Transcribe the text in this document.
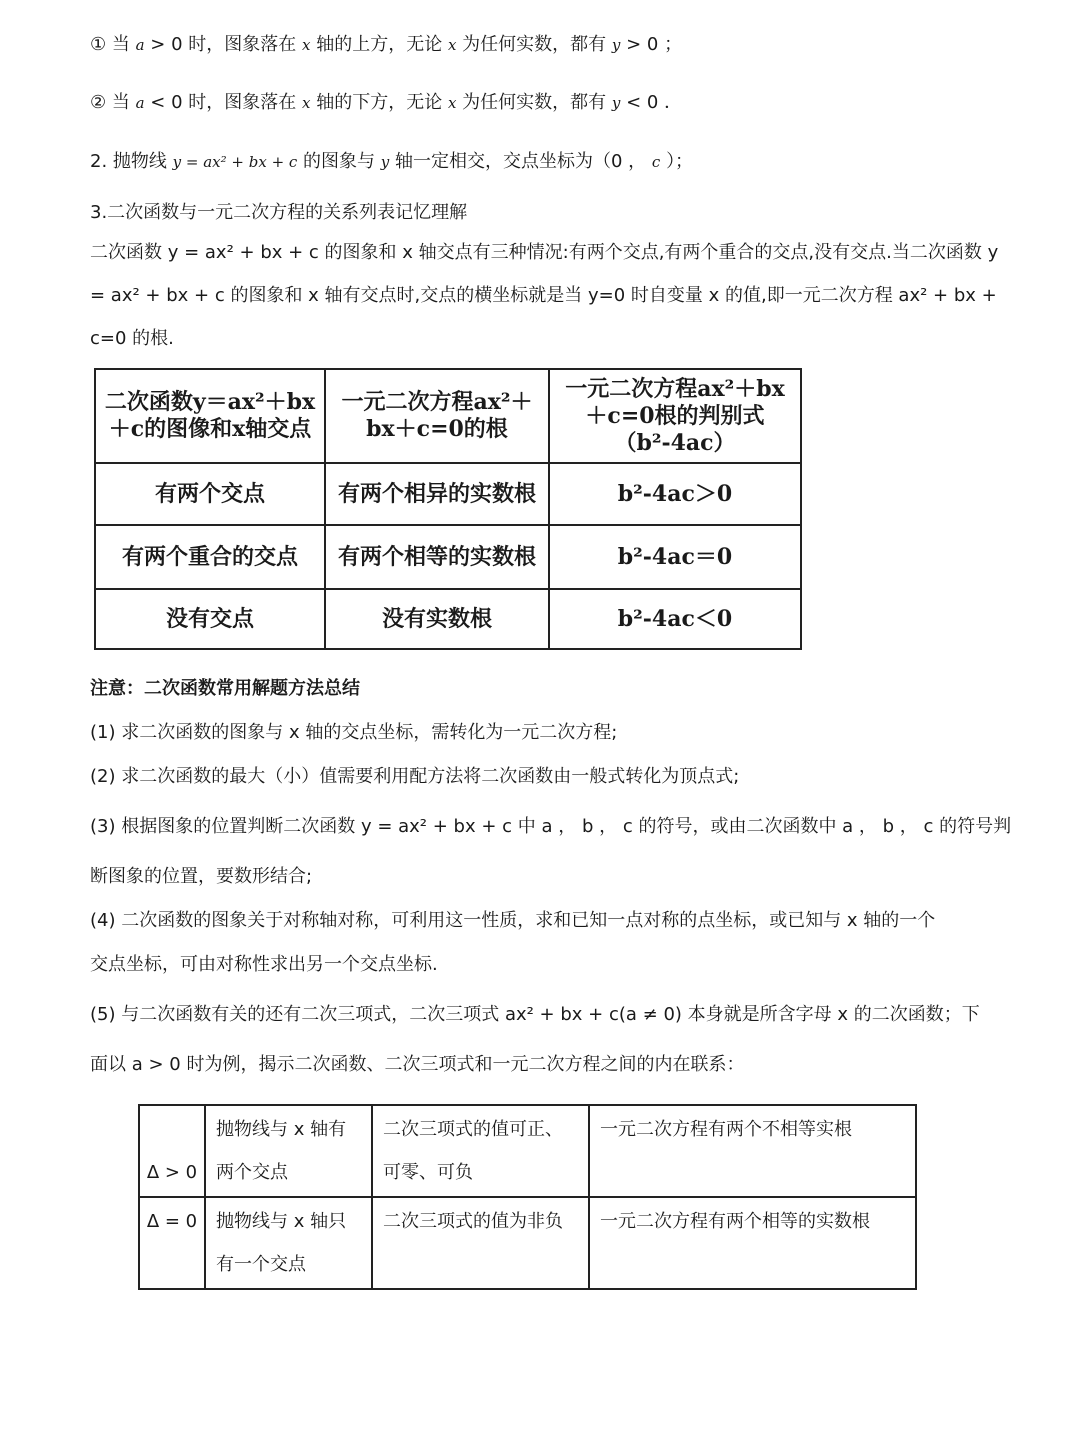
① 当 a > 0 时，图象落在 x 轴的上方，无论 x 为任何实数，都有 y > 0 ；
② 当 a < 0 时，图象落在 x 轴的下方，无论 x 为任何实数，都有 y < 0 ．
2. 抛物线 y = ax² + bx + c 的图象与 y 轴一定相交，交点坐标为（0 ， c ）；
3.二次函数与一元二次方程的关系列表记忆理解
二次函数 y = ax² + bx + c 的图象和 x 轴交点有三种情况:有两个交点,有两个重合的交点,没有交点.当二次函数 y = ax² + bx + c 的图象和 x 轴有交点时,交点的横坐标就是当 y=0 时自变量 x 的值,即一元二次方程 ax² + bx + c=0 的根.
二次函数y＝ax²＋bx＋c的图像和x轴交点	一元二次方程ax²＋bx＋c=0的根	一元二次方程ax²＋bx＋c=0根的判别式（b²-4ac）
有两个交点	有两个相异的实数根	b²-4ac＞0
有两个重合的交点	有两个相等的实数根	b²-4ac＝0
没有交点	没有实数根	b²-4ac＜0
注意：二次函数常用解题方法总结
(1) 求二次函数的图象与 x 轴的交点坐标，需转化为一元二次方程;
(2) 求二次函数的最大（小）值需要利用配方法将二次函数由一般式转化为顶点式;
(3) 根据图象的位置判断二次函数 y = ax² + bx + c 中 a ， b ， c 的符号，或由二次函数中 a ， b ， c 的符号判
断图象的位置，要数形结合;
(4) 二次函数的图象关于对称轴对称，可利用这一性质，求和已知一点对称的点坐标，或已知与 x 轴的一个
交点坐标，可由对称性求出另一个交点坐标.
(5) 与二次函数有关的还有二次三项式，二次三项式 ax² + bx + c(a ≠ 0) 本身就是所含字母 x 的二次函数；下
面以 a > 0 时为例，揭示二次函数、二次三项式和一元二次方程之间的内在联系：
Δ > 0	抛物线与 x 轴有两个交点	二次三项式的值可正、可零、可负	一元二次方程有两个不相等实根
Δ = 0	抛物线与 x 轴只有一个交点	二次三项式的值为非负	一元二次方程有两个相等的实数根
